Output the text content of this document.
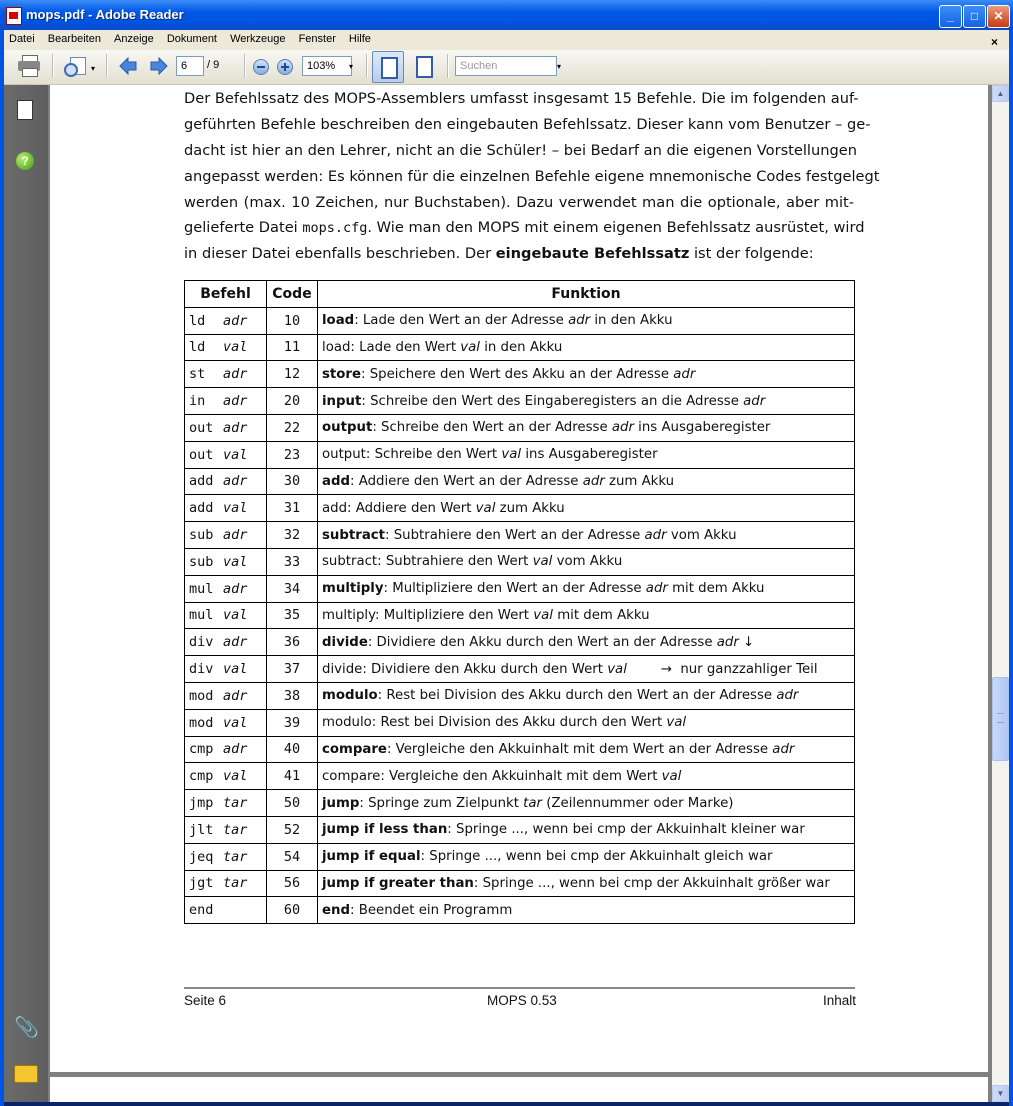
mops.pdf - Adobe Reader	_	□	✕
Datei Bearbeiten Anzeige Dokument Werkzeuge Fenster Hilfe	×
▾	6	/ 9	103%	▾	Suchen	▾
?
📎
Der Befehlssatz des MOPS-Assemblers umfasst insgesamt 15 Befehle. Die im folgenden auf-
geführten Befehle beschreiben den eingebauten Befehlssatz. Dieser kann vom Benutzer – ge-
dacht ist hier an den Lehrer, nicht an die Schüler! – bei Bedarf an die eigenen Vorstellungen
angepasst werden: Es können für die einzelnen Befehle eigene mnemonische Codes festgelegt
werden (max. 10 Zeichen, nur Buchstaben). Dazu verwendet man die optionale, aber mit-
gelieferte Datei mops.cfg. Wie man den MOPS mit einem eigenen Befehlssatz ausrüstet, wird
in dieser Datei ebenfalls beschrieben. Der eingebaute Befehlssatz ist der folgende:
Befehl	Code	Funktion
ld adr	10	load: Lade den Wert an der Adresse adr in den Akku
ld val	11	load: Lade den Wert val in den Akku
st adr	12	store: Speichere den Wert des Akku an der Adresse adr
in adr	20	input: Schreibe den Wert des Eingaberegisters an die Adresse adr
out adr	22	output: Schreibe den Wert an der Adresse adr ins Ausgaberegister
out val	23	output: Schreibe den Wert val ins Ausgaberegister
add adr	30	add: Addiere den Wert an der Adresse adr zum Akku
add val	31	add: Addiere den Wert val zum Akku
sub adr	32	subtract: Subtrahiere den Wert an der Adresse adr vom Akku
sub val	33	subtract: Subtrahiere den Wert val vom Akku
mul adr	34	multiply: Multipliziere den Wert an der Adresse adr mit dem Akku
mul val	35	multiply: Multipliziere den Wert val mit dem Akku
div adr	36	divide: Dividiere den Akku durch den Wert an der Adresse adr ↓
div val	37	divide: Dividiere den Akku durch den Wert val        →  nur ganzzahliger Teil
mod adr	38	modulo: Rest bei Division des Akku durch den Wert an der Adresse adr
mod val	39	modulo: Rest bei Division des Akku durch den Wert val
cmp adr	40	compare: Vergleiche den Akkuinhalt mit dem Wert an der Adresse adr
cmp val	41	compare: Vergleiche den Akkuinhalt mit dem Wert val
jmp tar	50	jump: Springe zum Zielpunkt tar (Zeilennummer oder Marke)
jlt tar	52	jump if less than: Springe ..., wenn bei cmp der Akkuinhalt kleiner war
jeq tar	54	jump if equal: Springe ..., wenn bei cmp der Akkuinhalt gleich war
jgt tar	56	jump if greater than: Springe ..., wenn bei cmp der Akkuinhalt größer war
end	60	end: Beendet ein Programm
Seite 6	MOPS 0.53	Inhalt
▲
▼
